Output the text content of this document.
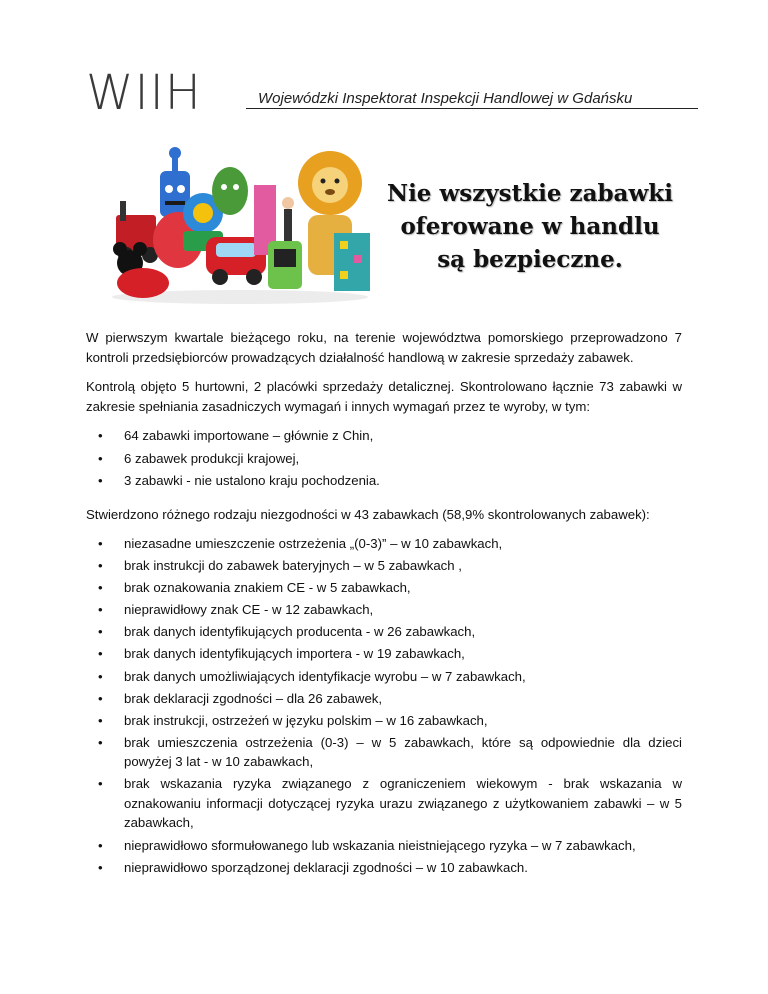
WIIH	Wojewódzki Inspektorat Inspekcji Handlowej w Gdańsku
Nie wszystkie zabawki
oferowane w handlu
są bezpieczne.

W pierwszym kwartale bieżącego roku, na terenie województwa pomorskiego przeprowadzono 7 kontroli przedsiębiorców prowadzących działalność handlową w zakresie sprzedaży zabawek.

Kontrolą objęto 5 hurtowni, 2 placówki sprzedaży detalicznej. Skontrolowano łącznie 73 zabawki w zakresie spełniania zasadniczych wymagań i innych wymagań przez te wyroby, w tym:

• 64 zabawki importowane – głównie z Chin,
• 6 zabawek produkcji krajowej,
• 3 zabawki - nie ustalono kraju pochodzenia.

Stwierdzono różnego rodzaju niezgodności w 43 zabawkach (58,9% skontrolowanych zabawek):

• niezasadne umieszczenie ostrzeżenia „(0-3)” – w 10 zabawkach,
• brak instrukcji do zabawek bateryjnych – w 5 zabawkach ,
• brak oznakowania znakiem CE - w 5 zabawkach,
• nieprawidłowy znak CE - w 12 zabawkach,
• brak danych identyfikujących producenta - w 26 zabawkach,
• brak danych identyfikujących importera - w 19 zabawkach,
• brak danych umożliwiających identyfikacje wyrobu – w 7 zabawkach,
• brak deklaracji zgodności – dla 26 zabawek,
• brak instrukcji, ostrzeżeń w języku polskim – w 16 zabawkach,
• brak umieszczenia ostrzeżenia (0-3) – w 5 zabawkach, które są odpowiednie dla dzieci powyżej 3 lat - w 10 zabawkach,
• brak wskazania ryzyka związanego z ograniczeniem wiekowym - brak wskazania w oznakowaniu informacji dotyczącej ryzyka urazu związanego z użytkowaniem zabawki – w 5 zabawkach,
• nieprawidłowo sformułowanego lub wskazania nieistniejącego ryzyka – w 7 zabawkach,
• nieprawidłowo sporządzonej deklaracji zgodności – w 10 zabawkach.
